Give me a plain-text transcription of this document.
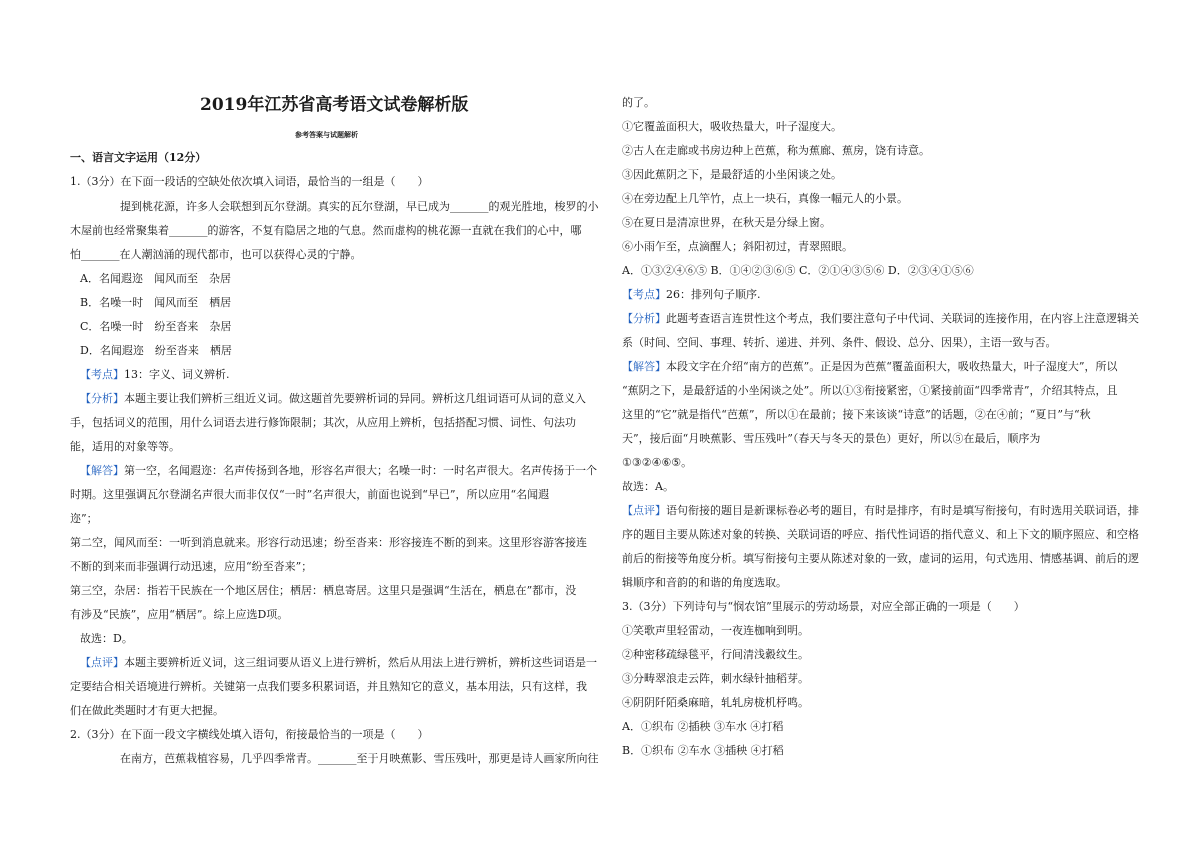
2019年江苏省高考语文试卷解析版
参考答案与试题解析
一、语言文字运用（12分）
1.（3分）在下面一段话的空缺处依次填入词语，最恰当的一组是（　　）
提到桃花源，许多人会联想到瓦尔登湖。真实的瓦尔登湖，早已成为_______的观光胜地，梭罗的小
木屋前也经常聚集着_______的游客，不复有隐居之地的气息。然而虚构的桃花源一直就在我们的心中，哪
怕_______在人潮汹涌的现代都市，也可以获得心灵的宁静。
A．名闻遐迩　闻风而至　杂居
B．名噪一时　闻风而至　栖居
C．名噪一时　纷至沓来　杂居
D．名闻遐迩　纷至沓来　栖居
【考点】13：字义、词义辨析.
【分析】本题主要让我们辨析三组近义词。做这题首先要辨析词的异同。辨析这几组词语可从词的意义入
手，包括词义的范围，用什么词语去进行修饰限制；其次，从应用上辨析，包括搭配习惯、词性、句法功
能，适用的对象等等。
【解答】第一空，名闻遐迩：名声传扬到各地，形容名声很大；名噪一时：一时名声很大。名声传扬于一个
时期。这里强调瓦尔登湖名声很大而非仅仅“一时”名声很大，前面也说到“早已”，所以应用“名闻遐
迩”；
第二空，闻风而至：一听到消息就来。形容行动迅速；纷至沓来：形容接连不断的到来。这里形容游客接连
不断的到来而非强调行动迅速，应用“纷至沓来”；
第三空，杂居：指若干民族在一个地区居住；栖居：栖息寄居。这里只是强调“生活在，栖息在”都市，没
有涉及“民族”，应用“栖居”。综上应选D项。
故选：D。
【点评】本题主要辨析近义词，这三组词要从语义上进行辨析，然后从用法上进行辨析，辨析这些词语是一
定要结合相关语境进行辨析。关键第一点我们要多积累词语，并且熟知它的意义，基本用法，只有这样，我
们在做此类题时才有更大把握。
2.（3分）在下面一段文字横线处填入语句，衔接最恰当的一项是（　　）
在南方，芭蕉栽植容易，几乎四季常青。_______至于月映蕉影、雪压残叶，那更是诗人画家所向往
的了。
①它覆盖面积大，吸收热量大，叶子湿度大。
②古人在走廊或书房边种上芭蕉，称为蕉廊、蕉房，饶有诗意。
③因此蕉阴之下，是最舒适的小坐闲谈之处。
④在旁边配上几竿竹，点上一块石，真像一幅元人的小景。
⑤在夏日是清凉世界，在秋天是分绿上窗。
⑥小雨乍至，点滴醒人；斜阳初过，青翠照眼。
A．①③②④⑥⑤ B．①④②③⑥⑤ C．②①④③⑤⑥ D．②③④①⑤⑥
【考点】26：排列句子顺序.
【分析】此题考查语言连贯性这个考点，我们要注意句子中代词、关联词的连接作用，在内容上注意逻辑关
系（时间、空间、事理、转折、递进、并列、条件、假设、总分、因果），主语一致与否。
【解答】本段文字在介绍“南方的芭蕉”。正是因为芭蕉“覆盖面积大，吸收热量大，叶子湿度大”，所以
“蕉阴之下，是最舒适的小坐闲谈之处”。所以①③衔接紧密，①紧接前面“四季常青”，介绍其特点，且
这里的“它”就是指代“芭蕉”，所以①在最前；接下来该谈“诗意”的话题，②在④前；“夏日”与“秋
天”，接后面“月映蕉影、雪压残叶”（春天与冬天的景色）更好，所以⑤在最后，顺序为
①③②④⑥⑤。
故选：A。
【点评】语句衔接的题目是新课标卷必考的题目，有时是排序，有时是填写衔接句，有时选用关联词语，排
序的题目主要从陈述对象的转换、关联词语的呼应、指代性词语的指代意义、和上下文的顺序照应、和空格
前后的衔接等角度分析。填写衔接句主要从陈述对象的一致，虚词的运用，句式选用、情感基调、前后的逻
辑顺序和音韵的和谐的角度选取。
3.（3分）下列诗句与“悯农馆”里展示的劳动场景，对应全部正确的一项是（　　）
①笑歌声里轻雷动，一夜连枷响到明。
②种密移疏绿毯平，行间清浅縠纹生。
③分畴翠浪走云阵，刺水绿针抽稻芽。
④阴阴阡陌桑麻暗，轧轧房栊机杼鸣。
A．①织布 ②插秧 ③车水 ④打稻
B．①织布 ②车水 ③插秧 ④打稻
